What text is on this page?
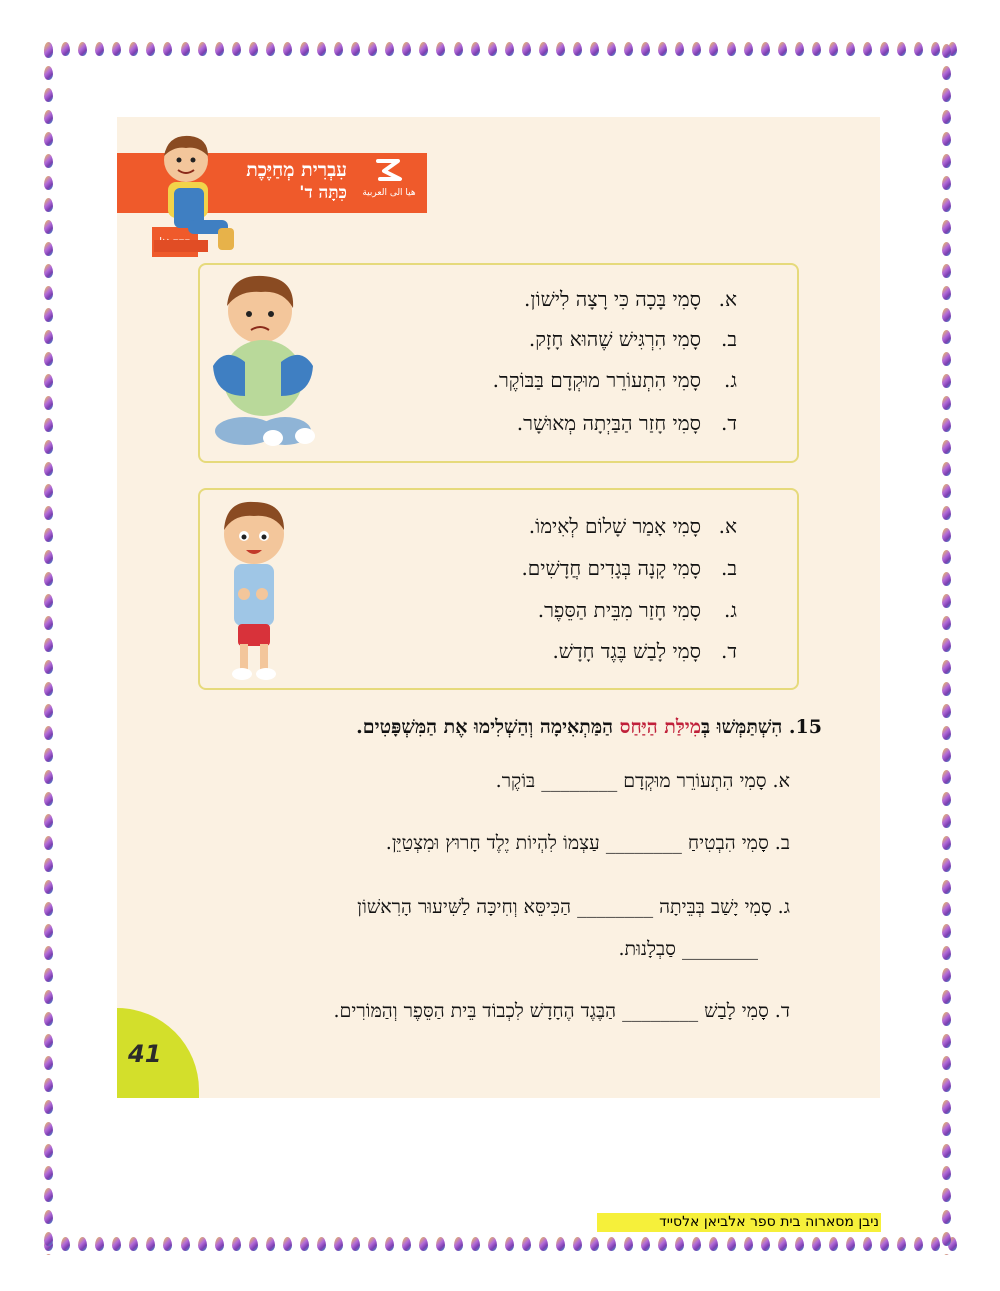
עִבְרִית מְחַיֶּכֶת
כִּתָּה ד'	هيا الى العربية
א.סָמִי בָּכָה כִּי רָצָה לִישׁוֹן.
ב.סָמִי הִרְגִּישׁ שֶׁהוּא חָזָק.
ג.סָמִי הִתְעוֹרֵר מוּקְדָם בַּבּוֹקֶר.
ד.סָמִי חָזַר הַבַּיְתָה מְאוּשָׁר.
א.סָמִי אָמַר שָׁלוֹם לְאִימוֹ.
ב.סָמִי קָנָה בְּגָדִים חֲדָשִׁים.
ג.סָמִי חָזַר מִבֵּית הַסֵּפֶר.
ד.סָמִי לָבַשׁ בֶּגֶד חָדָשׁ.
15. הִשְׁתַּמְּשׁוּ בְּמִילַּת הַיַּחַס הַמַּתְאִימָה וְהַשְׁלִימוּ אֶת הַמִּשְׁפָּטִים.
א. סָמִי הִתְעוֹרֵר מוּקְדָם ________ בּוֹקֶר.
ב. סָמִי הִבְטִיחַ ________ עַצְמוֹ לִהְיוֹת יֶלֶד חָרוּץ וּמִצְטַיֵּן.
ג. סָמִי יָשַׁב בְּבֵּיתָה ________ הַכִּיסֵּא וְחִיכָּה לַשִּׁיעוּר הָרִאשׁוֹן
________ סַבְלָנוּת.
ד. סָמִי לָבַשׁ ________ הַבֶּגֶד הֶחָדָשׁ לִכְבוֹד בֵּית הַסֵּפֶר וְהַמּוֹרִים.
41
ניבן מסארוה בית ספר אלביאן אלסייד
